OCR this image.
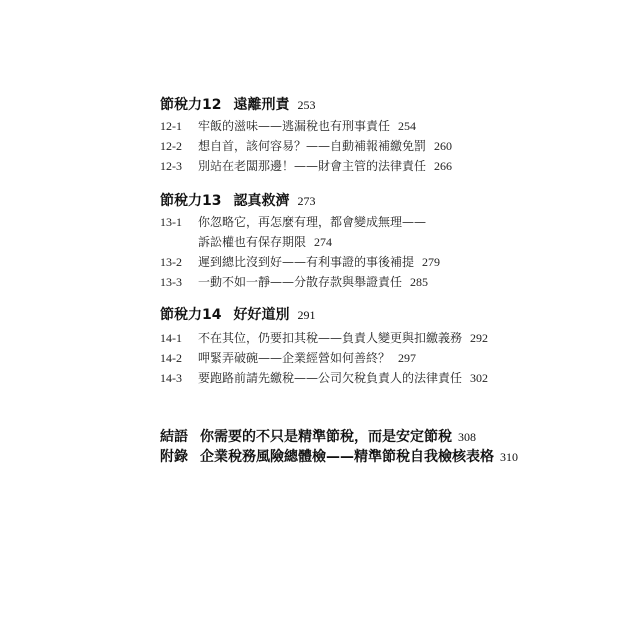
節稅力12 遠離刑責 253
12-1 牢飯的滋味——逃漏稅也有刑事責任 254
12-2 想自首，該何容易？——自動補報補繳免罰 260
12-3 別站在老闆那邊！——財會主管的法律責任 266
節稅力13 認真救濟 273
13-1 你忽略它，再怎麼有理，都會變成無理——
訴訟權也有保存期限 274
13-2 遲到總比沒到好——有利事證的事後補提 279
13-3 一動不如一靜——分散存款與舉證責任 285
節稅力14 好好道別 291
14-1 不在其位，仍要扣其稅——負責人變更與扣繳義務 292
14-2 呷緊弄破碗——企業經營如何善終？ 297
14-3 要跑路前請先繳稅——公司欠稅負責人的法律責任 302
結語 你需要的不只是精準節稅，而是安定節稅 308
附錄 企業稅務風險總體檢——精準節稅自我檢核表格 310
